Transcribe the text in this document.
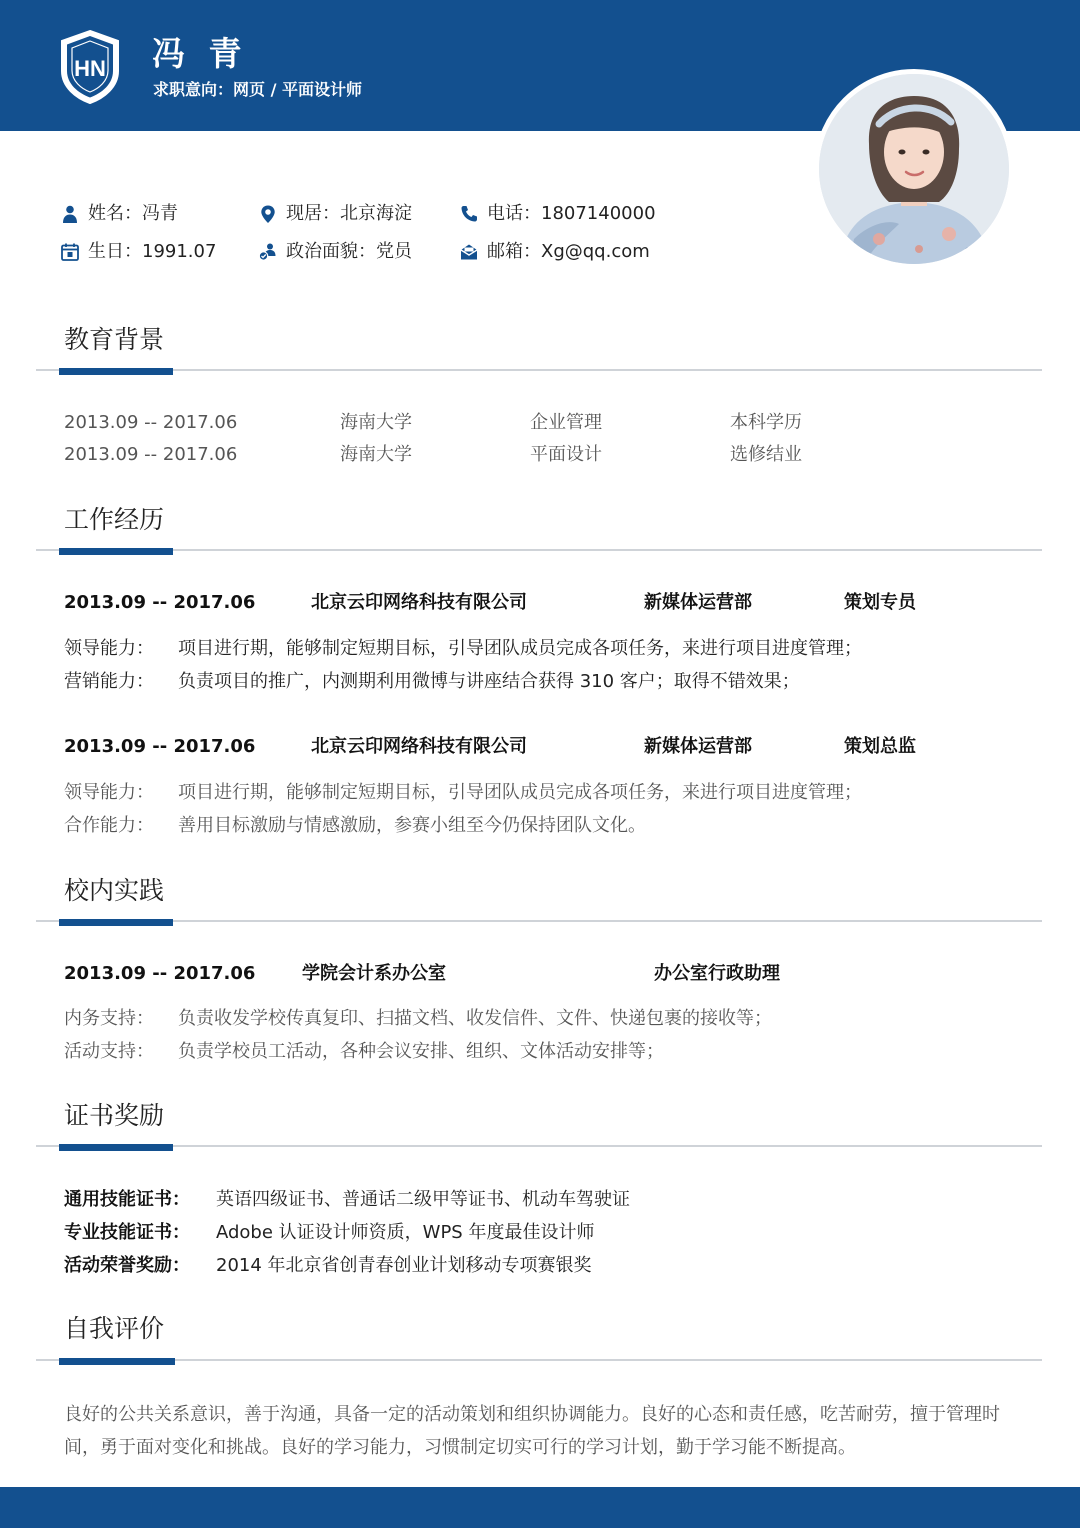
HN 冯 青
求职意向：网页 / 平面设计师
姓名：冯青	现居：北京海淀	电话：1807140000
生日：1991.07	政治面貌：党员	邮箱：Xg@qq.com
教育背景
2013.09 -- 2017.06	海南大学	企业管理	本科学历
2013.09 -- 2017.06	海南大学	平面设计	选修结业
工作经历
2013.09 -- 2017.06	北京云印网络科技有限公司	新媒体运营部	策划专员
领导能力： 项目进行期，能够制定短期目标，引导团队成员完成各项任务，来进行项目进度管理；
营销能力： 负责项目的推广，内测期利用微博与讲座结合获得 310 客户；取得不错效果；
2013.09 -- 2017.06	北京云印网络科技有限公司	新媒体运营部	策划总监
领导能力： 项目进行期，能够制定短期目标，引导团队成员完成各项任务，来进行项目进度管理；
合作能力： 善用目标激励与情感激励，参赛小组至今仍保持团队文化。
校内实践
2013.09 -- 2017.06	学院会计系办公室	办公室行政助理
内务支持： 负责收发学校传真复印、扫描文档、收发信件、文件、快递包裹的接收等；
活动支持： 负责学校员工活动，各种会议安排、组织、文体活动安排等；
证书奖励
通用技能证书： 英语四级证书、普通话二级甲等证书、机动车驾驶证
专业技能证书： Adobe 认证设计师资质，WPS 年度最佳设计师
活动荣誉奖励： 2014 年北京省创青春创业计划移动专项赛银奖
自我评价
良好的公共关系意识，善于沟通，具备一定的活动策划和组织协调能力。良好的心态和责任感，吃苦耐劳，擅于管理时间，勇于面对变化和挑战。良好的学习能力，习惯制定切实可行的学习计划，勤于学习能不断提高。
